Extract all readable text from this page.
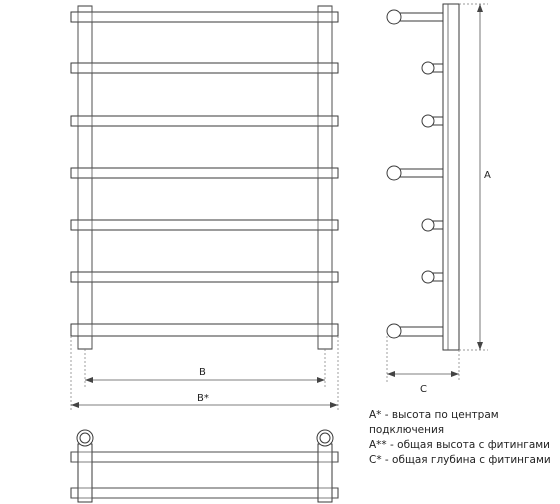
B
B*
A
C
A* - высота по центрам подключения
A** - общая высота с фитингами
C* - общая глубина с фитингами
